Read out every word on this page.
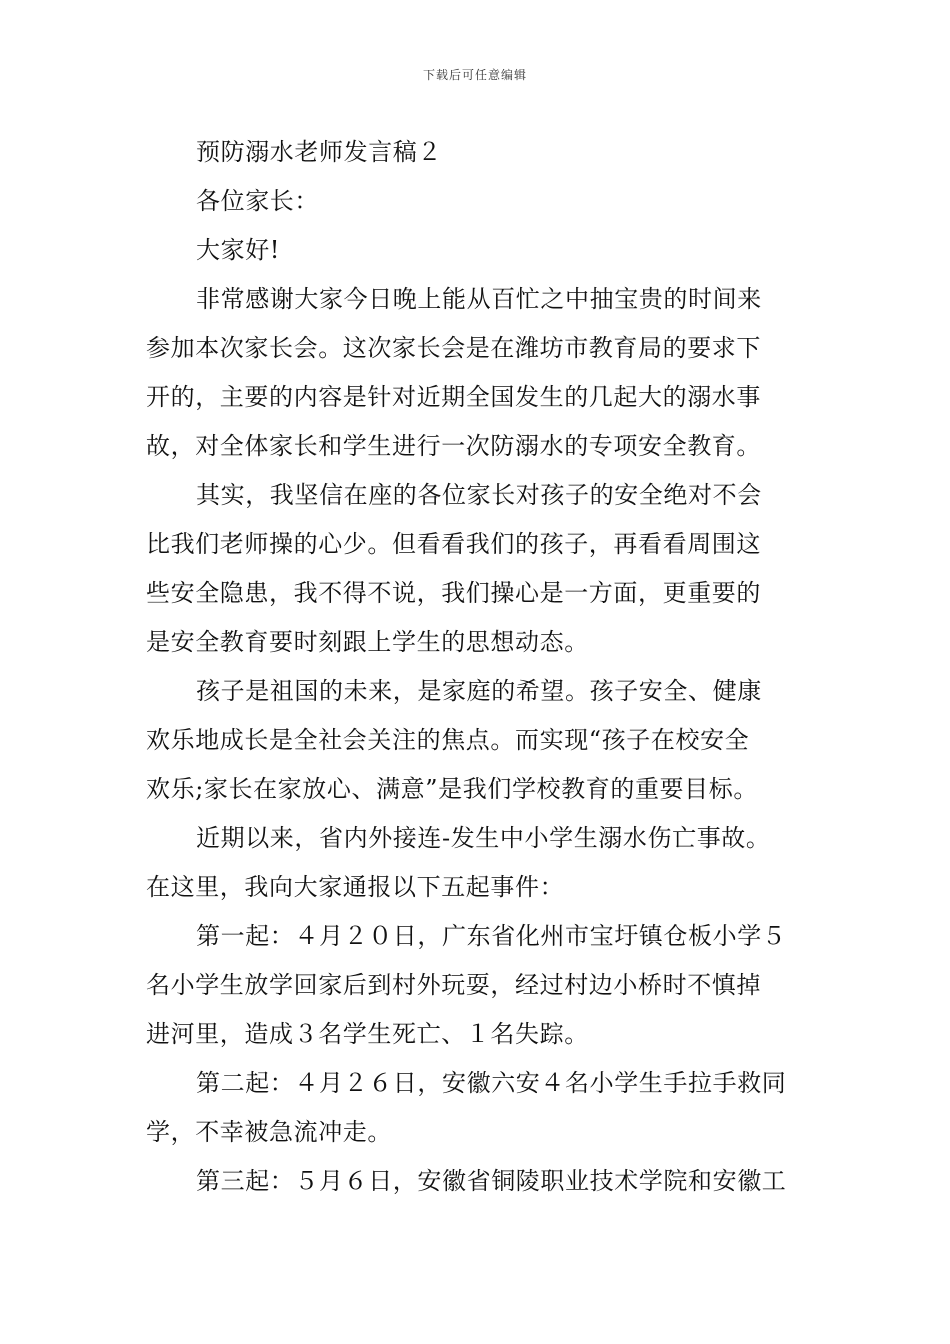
下载后可任意编辑
预防溺水老师发言稿２
各位家长：
大家好!
非常感谢大家今日晚上能从百忙之中抽宝贵的时间来
参加本次家长会。这次家长会是在潍坊市教育局的要求下
开的，主要的内容是针对近期全国发生的几起大的溺水事
故，对全体家长和学生进行一次防溺水的专项安全教育。
其实，我坚信在座的各位家长对孩子的安全绝对不会
比我们老师操的心少。但看看我们的孩子，再看看周围这
些安全隐患，我不得不说，我们操心是一方面，更重要的
是安全教育要时刻跟上学生的思想动态。
孩子是祖国的未来，是家庭的希望。孩子安全、健康
欢乐地成长是全社会关注的焦点。而实现“孩子在校安全
欢乐;家长在家放心、满意”是我们学校教育的重要目标。
近期以来，省内外接连-发生中小学生溺水伤亡事故。
在这里，我向大家通报以下五起事件：
第一起：４月２０日，广东省化州市宝圩镇仓板小学５
名小学生放学回家后到村外玩耍，经过村边小桥时不慎掉
进河里，造成３名学生死亡、１名失踪。
第二起：４月２６日，安徽六安４名小学生手拉手救同
学，不幸被急流冲走。
第三起：５月６日，安徽省铜陵职业技术学院和安徽工
